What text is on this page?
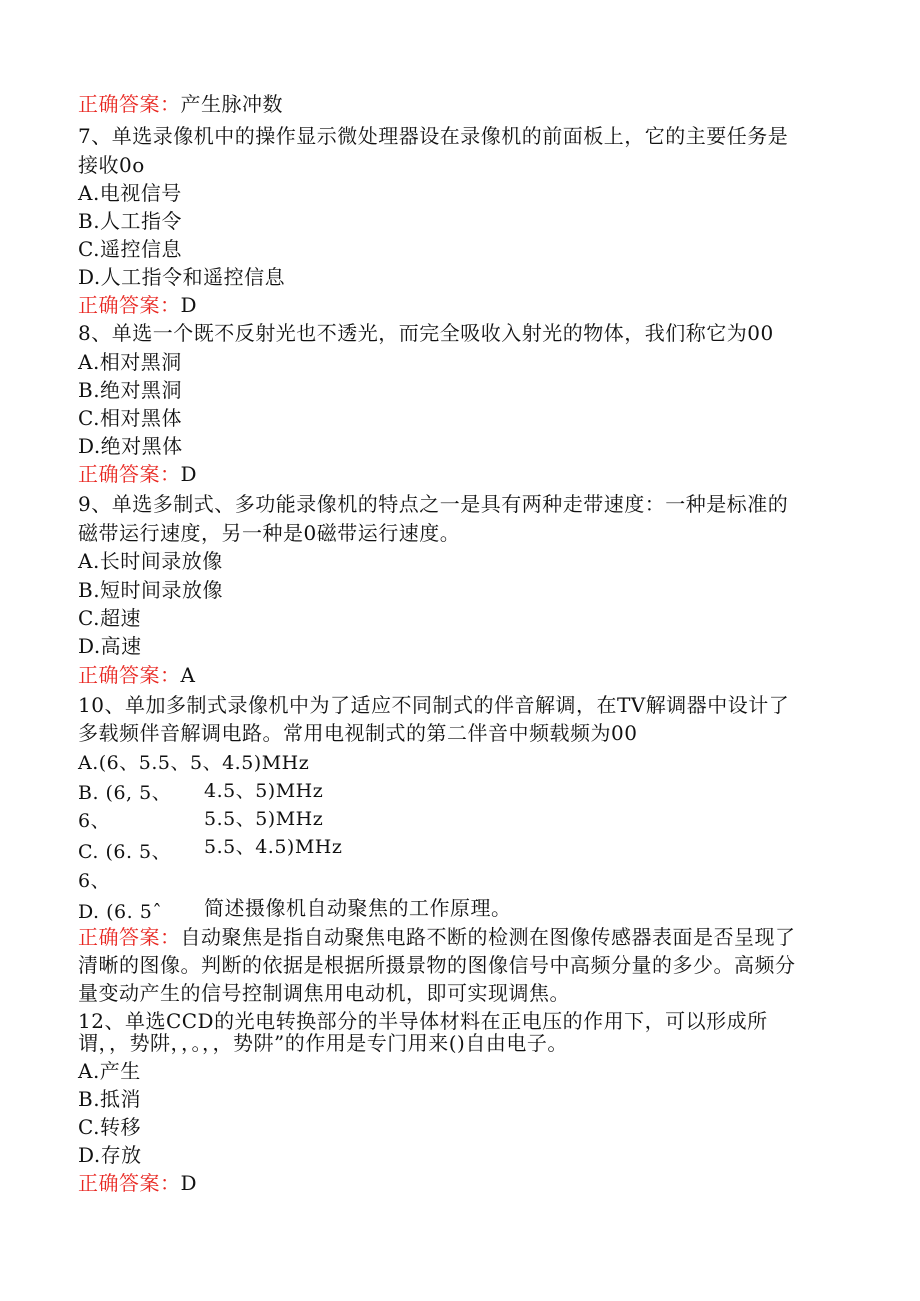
正确答案：产生脉冲数
7、单选录像机中的操作显示微处理器设在录像机的前面板上，它的主要任务是
接收0o
A.电视信号
B.人工指令
C.遥控信息
D.人工指令和遥控信息
正确答案：D
8、单选一个既不反射光也不透光，而完全吸收入射光的物体，我们称它为00
A.相对黑洞
B.绝对黑洞
C.相对黑体
D.绝对黑体
正确答案：D
9、单选多制式、多功能录像机的特点之一是具有两种走带速度：一种是标准的
磁带运行速度，另一种是0磁带运行速度。
A.长时间录放像
B.短时间录放像
C.超速
D.高速
正确答案：A
10、单加多制式录像机中为了适应不同制式的伴音解调，在TV解调器中设计了
多载频伴音解调电路。常用电视制式的第二伴音中频载频为00
A.(6、5.5、5、4.5)MHz
B. (6, 5、 4.5、5)MHz
6、	5.5、5)MHz
C. (6. 5、 5.5、4.5)MHz
6、
D. (6. 5ˆ 简述摄像机自动聚焦的工作原理。
正确答案：自动聚焦是指自动聚焦电路不断的检测在图像传感器表面是否呈现了
清晰的图像。判断的依据是根据所摄景物的图像信号中高频分量的多少。高频分
量变动产生的信号控制调焦用电动机，即可实现调焦。
12、单选CCD的光电转换部分的半导体材料在正电压的作用下，可以形成所
谓，，势阱，，。，，势阱”的作用是专门用来()自由电子。
A.产生
B.抵消
C.转移
D.存放
正确答案：D
